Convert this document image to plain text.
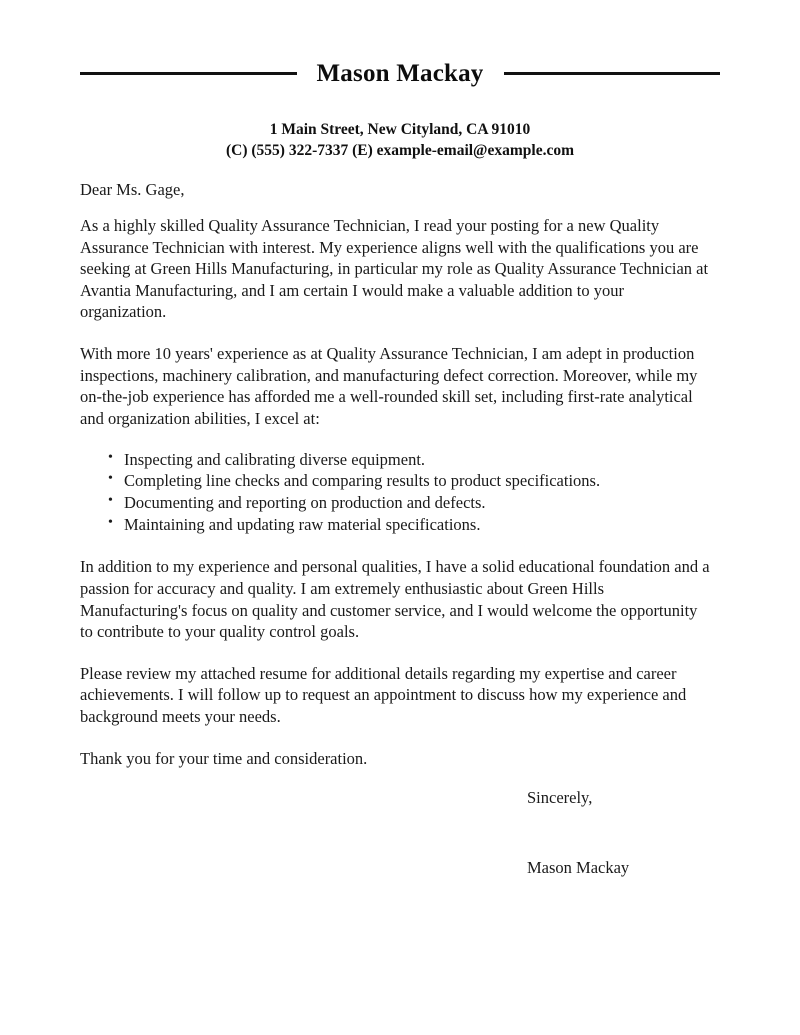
Mason Mackay
1 Main Street, New Cityland, CA 91010
(C) (555) 322-7337 (E) example-email@example.com

Dear Ms. Gage,

As a highly skilled Quality Assurance Technician, I read your posting for a new Quality Assurance Technician with interest. My experience aligns well with the qualifications you are seeking at Green Hills Manufacturing, in particular my role as Quality Assurance Technician at Avantia Manufacturing, and I am certain I would make a valuable addition to your organization.

With more 10 years' experience as at Quality Assurance Technician, I am adept in production inspections, machinery calibration, and manufacturing defect correction. Moreover, while my on-the-job experience has afforded me a well-rounded skill set, including first-rate analytical and organization abilities, I excel at:

• Inspecting and calibrating diverse equipment.
• Completing line checks and comparing results to product specifications.
• Documenting and reporting on production and defects.
• Maintaining and updating raw material specifications.

In addition to my experience and personal qualities, I have a solid educational foundation and a passion for accuracy and quality. I am extremely enthusiastic about Green Hills Manufacturing's focus on quality and customer service, and I would welcome the opportunity to contribute to your quality control goals.

Please review my attached resume for additional details regarding my expertise and career achievements. I will follow up to request an appointment to discuss how my experience and background meets your needs.

Thank you for your time and consideration.

Sincerely,

Mason Mackay
